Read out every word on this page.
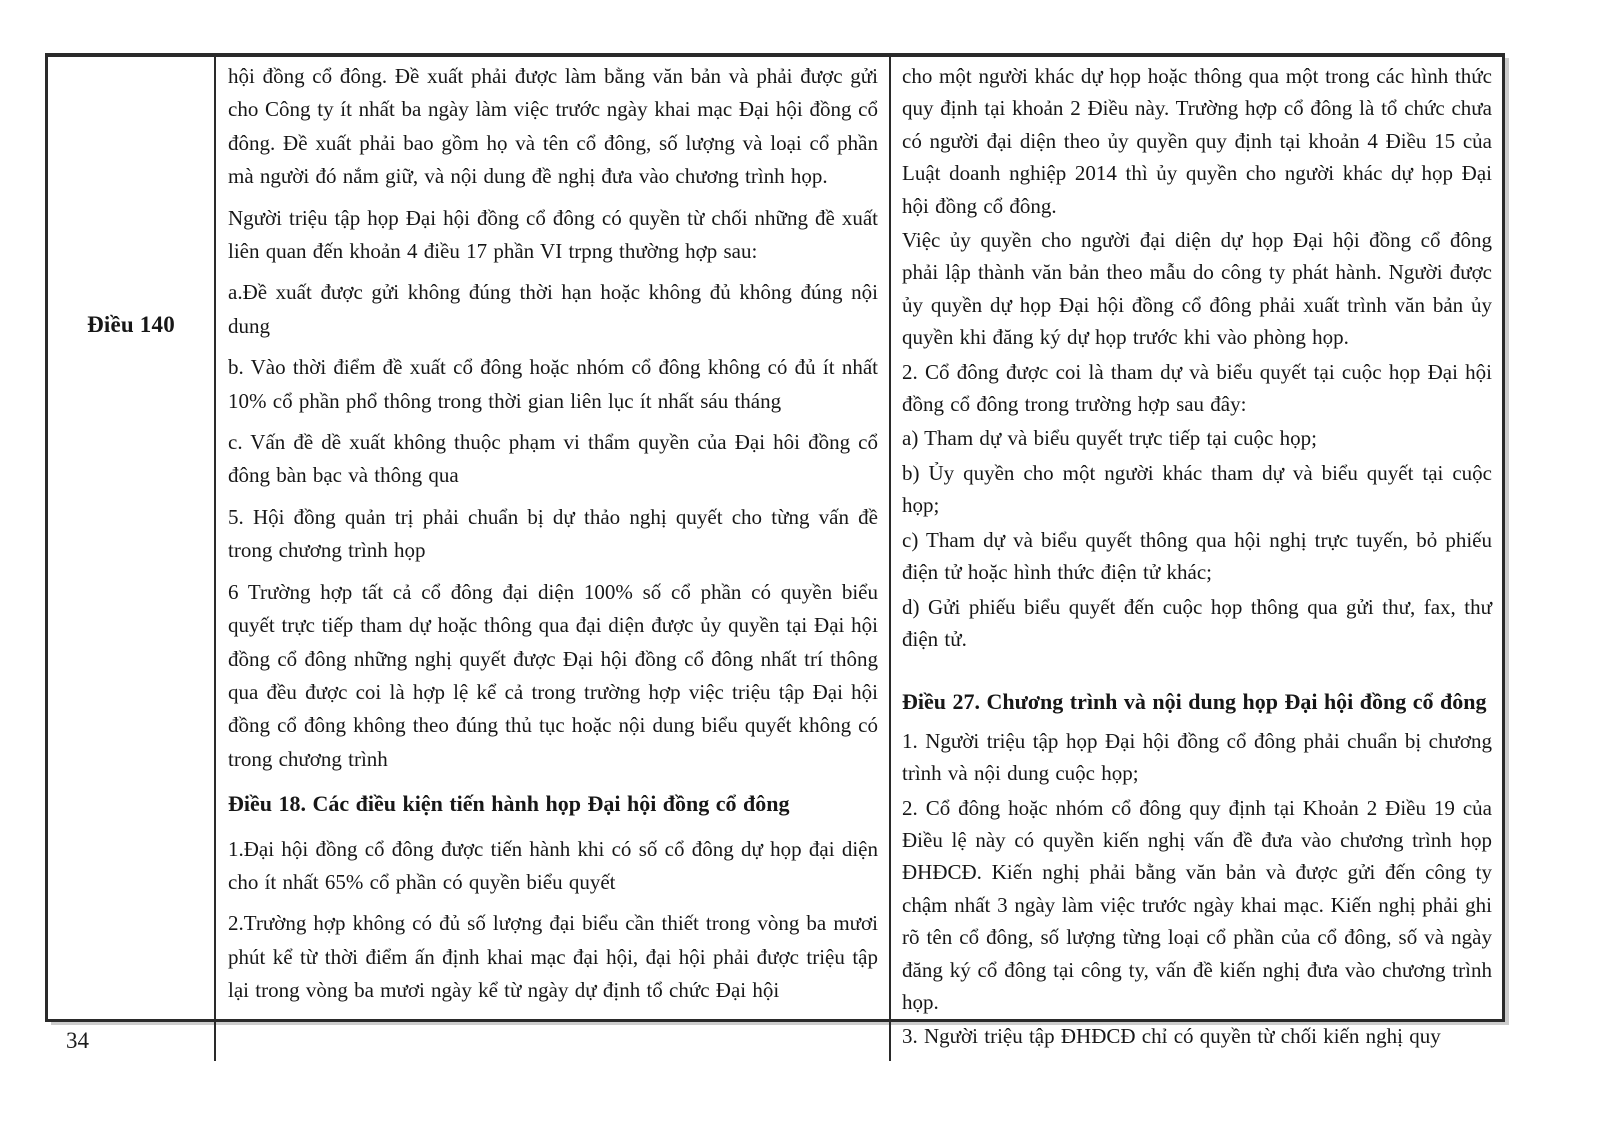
Điều 140

hội đồng cổ đông. Đề xuất phải được làm bằng văn bản và phải được gửi cho Công ty ít nhất ba ngày làm việc trước ngày khai mạc Đại hội đồng cổ đông. Đề xuất phải bao gồm họ và tên cổ đông, số lượng và loại cổ phần mà người đó nắm giữ, và nội dung đề nghị đưa vào chương trình họp.

Người triệu tập họp Đại hội đồng cổ đông có quyền từ chối những đề xuất liên quan đến khoản 4 điều 17 phần VI trpng thường hợp sau:

a.Đề xuất được gửi không đúng thời hạn hoặc không đủ không đúng nội dung

b. Vào thời điểm đề xuất cổ đông hoặc nhóm cổ đông không có đủ ít nhất 10% cổ phần phổ thông trong thời gian liên lục ít nhất sáu tháng

c. Vấn đề dề xuất không thuộc phạm vi thẩm quyền của Đại hôi đồng cổ đông bàn bạc và thông qua

5. Hội đồng quản trị phải chuẩn bị dự thảo nghị quyết cho từng vấn đề trong chương trình họp

6 Trường hợp tất cả cổ đông đại diện 100% số cổ phần có quyền biểu quyết trực tiếp tham dự hoặc thông qua đại diện được ủy quyền tại Đại hội đồng cổ đông những nghị quyết được Đại hội đồng cổ đông nhất trí thông qua đều được coi là hợp lệ kể cả trong trường hợp việc triệu tập Đại hội đồng cổ đông không theo đúng thủ tục hoặc nội dung biểu quyết không có trong chương trình

Điều 18. Các điều kiện tiến hành họp Đại hội đồng cổ đông

1.Đại hội đồng cổ đông được tiến hành khi có số cổ đông dự họp đại diện cho ít nhất 65% cổ phần có quyền biểu quyết

2.Trường hợp không có đủ số lượng đại biểu cần thiết trong vòng ba mươi phút kể từ thời điểm ấn định khai mạc đại hội, đại hội phải được triệu tập lại trong vòng ba mươi ngày kể từ ngày dự định tổ chức Đại hội

cho một người khác dự họp hoặc thông qua một trong các hình thức quy định tại khoản 2 Điều này. Trường hợp cổ đông là tổ chức chưa có người đại diện theo ủy quyền quy định tại khoản 4 Điều 15 của Luật doanh nghiệp 2014 thì ủy quyền cho người khác dự họp Đại hội đồng cổ đông.

Việc ủy quyền cho người đại diện dự họp Đại hội đồng cổ đông phải lập thành văn bản theo mẫu do công ty phát hành. Người được ủy quyền dự họp Đại hội đồng cổ đông phải xuất trình văn bản ủy quyền khi đăng ký dự họp trước khi vào phòng họp.

2. Cổ đông được coi là tham dự và biểu quyết tại cuộc họp Đại hội đồng cổ đông trong trường hợp sau đây:

a) Tham dự và biểu quyết trực tiếp tại cuộc họp;

b) Ủy quyền cho một người khác tham dự và biểu quyết tại cuộc họp;

c) Tham dự và biểu quyết thông qua hội nghị trực tuyến, bỏ phiếu điện tử hoặc hình thức điện tử khác;

d) Gửi phiếu biểu quyết đến cuộc họp thông qua gửi thư, fax, thư điện tử.

Điều 27. Chương trình và nội dung họp Đại hội đồng cổ đông

1. Người triệu tập họp Đại hội đồng cổ đông phải chuẩn bị chương trình và nội dung cuộc họp;

2. Cổ đông hoặc nhóm cổ đông quy định tại Khoản 2 Điều 19 của Điều lệ này có quyền kiến nghị vấn đề đưa vào chương trình họp ĐHĐCĐ. Kiến nghị phải bằng văn bản và được gửi đến công ty chậm nhất 3 ngày làm việc trước ngày khai mạc. Kiến nghị phải ghi rõ tên cổ đông, số lượng từng loại cổ phần của cổ đông, số và ngày đăng ký cổ đông tại công ty, vấn đề kiến nghị đưa vào chương trình họp.

3. Người triệu tập ĐHĐCĐ chỉ có quyền từ chối kiến nghị quy

34
